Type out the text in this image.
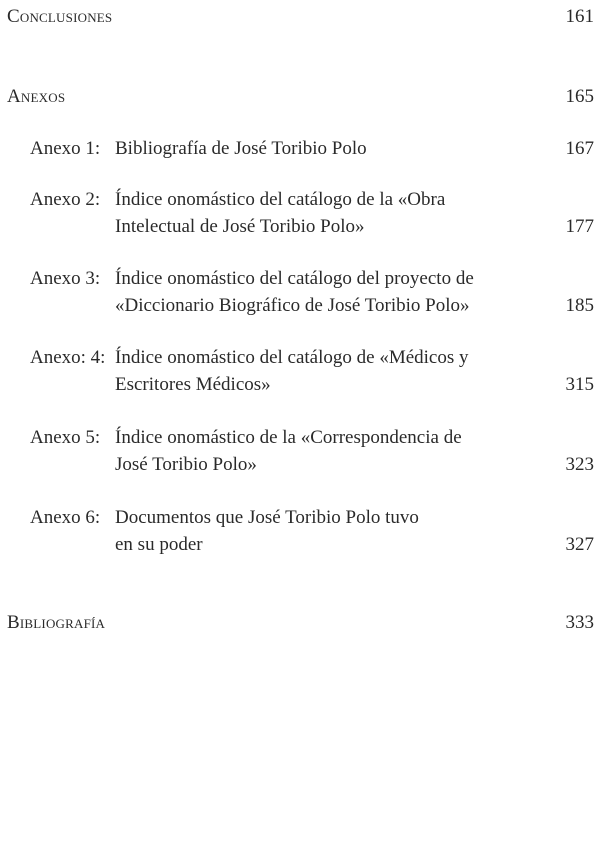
Conclusiones	161
Anexos	165
Anexo 1: Bibliografía de José Toribio Polo	167
Anexo 2: Índice onomástico del catálogo de la «Obra
Intelectual de José Toribio Polo»	177
Anexo 3: Índice onomástico del catálogo del proyecto de
«Diccionario Biográfico de José Toribio Polo»	185
Anexo: 4: Índice onomástico del catálogo de «Médicos y
Escritores Médicos»	315
Anexo 5: Índice onomástico de la «Correspondencia de
José Toribio Polo»	323
Anexo 6: Documentos que José Toribio Polo tuvo
en su poder	327
Bibliografía	333
